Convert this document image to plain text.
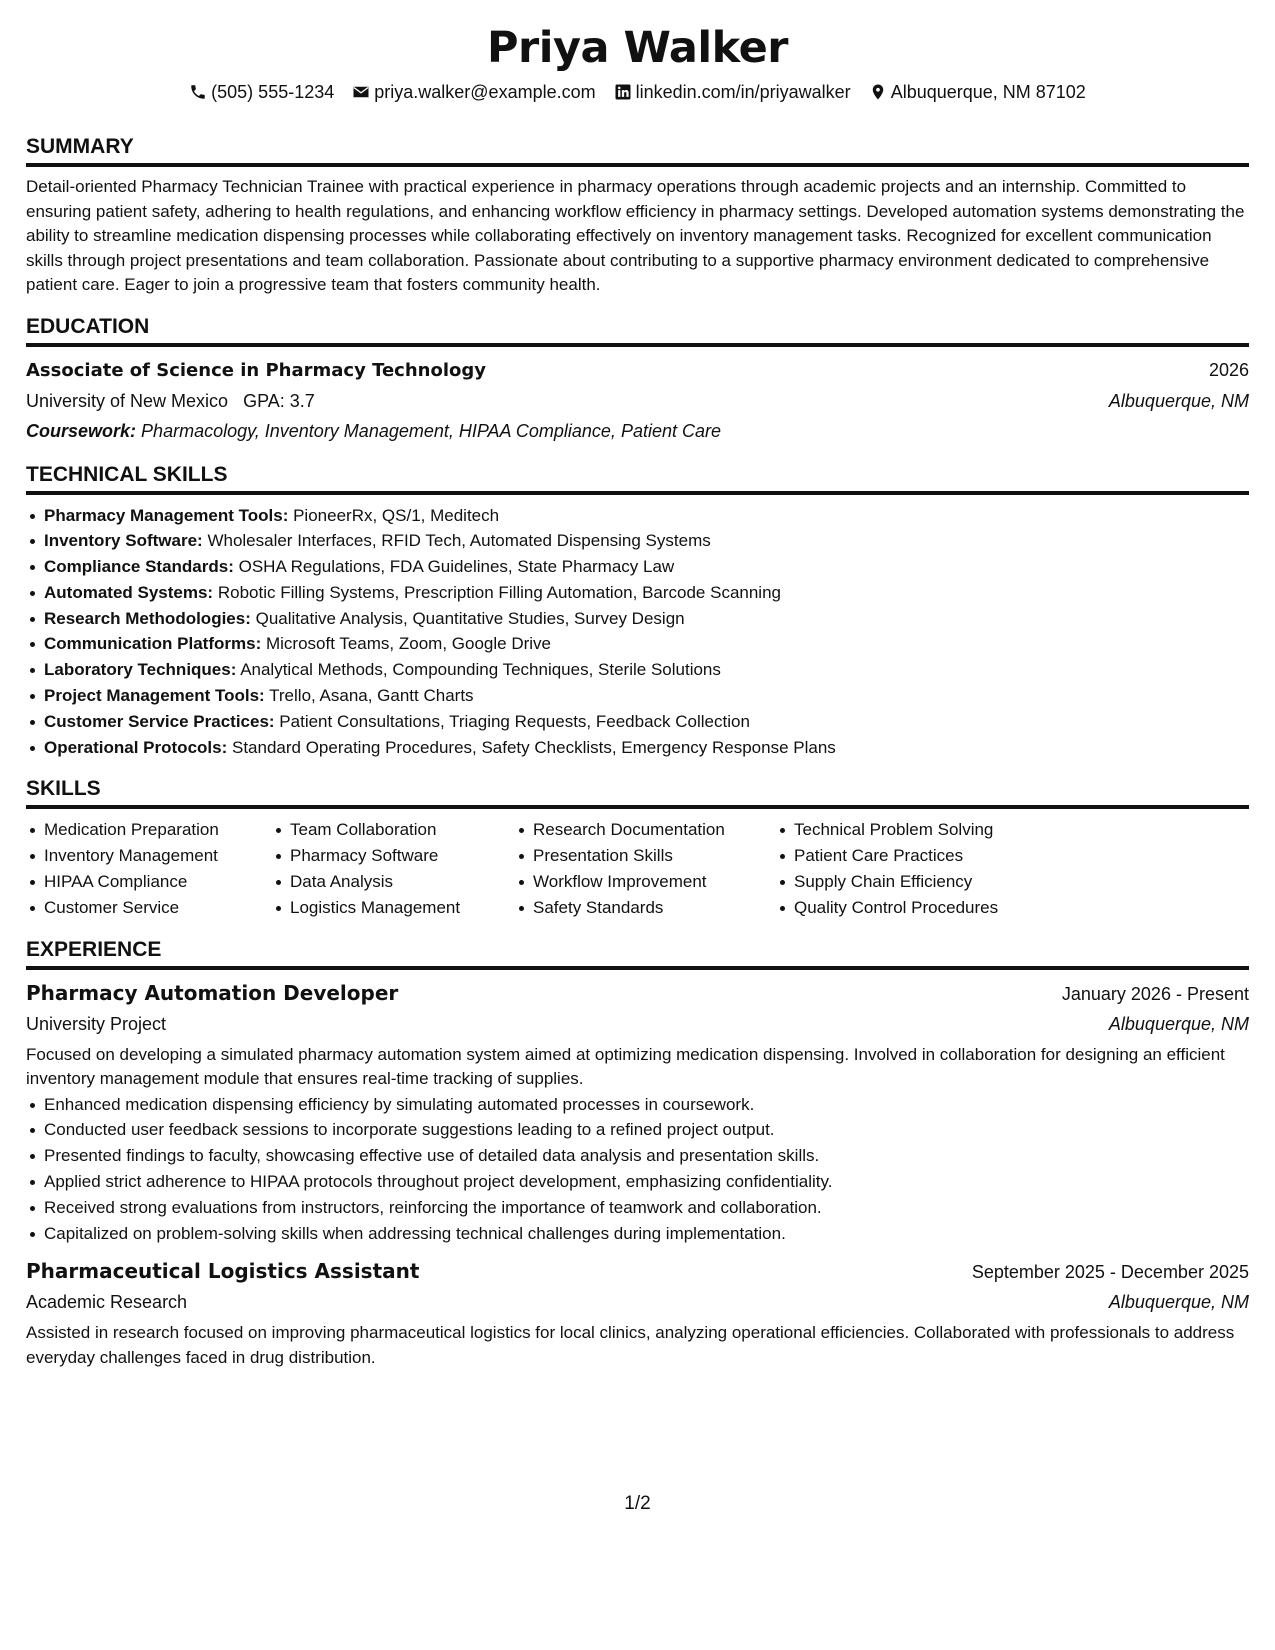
Priya Walker
(505) 555-1234 priya.walker@example.com linkedin.com/in/priyawalker Albuquerque, NM 87102
SUMMARY

Detail-oriented Pharmacy Technician Trainee with practical experience in pharmacy operations through academic projects and an internship. Committed to ensuring patient safety, adhering to health regulations, and enhancing workflow efficiency in pharmacy settings. Developed automation systems demonstrating the ability to streamline medication dispensing processes while collaborating effectively on inventory management tasks. Recognized for excellent communication skills through project presentations and team collaboration. Passionate about contributing to a supportive pharmacy environment dedicated to comprehensive patient care. Eager to join a progressive team that fosters community health.

EDUCATION
Associate of Science in Pharmacy Technology	2026
University of New Mexico GPA: 3.7	Albuquerque, NM
Coursework: Pharmacology, Inventory Management, HIPAA Compliance, Patient Care
TECHNICAL SKILLS
Pharmacy Management Tools: PioneerRx, QS/1, Meditech
Inventory Software: Wholesaler Interfaces, RFID Tech, Automated Dispensing Systems
Compliance Standards: OSHA Regulations, FDA Guidelines, State Pharmacy Law
Automated Systems: Robotic Filling Systems, Prescription Filling Automation, Barcode Scanning
Research Methodologies: Qualitative Analysis, Quantitative Studies, Survey Design
Communication Platforms: Microsoft Teams, Zoom, Google Drive
Laboratory Techniques: Analytical Methods, Compounding Techniques, Sterile Solutions
Project Management Tools: Trello, Asana, Gantt Charts
Customer Service Practices: Patient Consultations, Triaging Requests, Feedback Collection
Operational Protocols: Standard Operating Procedures, Safety Checklists, Emergency Response Plans
SKILLS
Medication Preparation
Inventory Management
HIPAA Compliance
Customer Service
Team Collaboration
Pharmacy Software
Data Analysis
Logistics Management
Research Documentation
Presentation Skills
Workflow Improvement
Safety Standards
Technical Problem Solving
Patient Care Practices
Supply Chain Efficiency
Quality Control Procedures
EXPERIENCE
Pharmacy Automation Developer	January 2026 - Present
University Project	Albuquerque, NM

Focused on developing a simulated pharmacy automation system aimed at optimizing medication dispensing. Involved in collaboration for designing an efficient inventory management module that ensures real-time tracking of supplies.

Enhanced medication dispensing efficiency by simulating automated processes in coursework.
Conducted user feedback sessions to incorporate suggestions leading to a refined project output.
Presented findings to faculty, showcasing effective use of detailed data analysis and presentation skills.
Applied strict adherence to HIPAA protocols throughout project development, emphasizing confidentiality.
Received strong evaluations from instructors, reinforcing the importance of teamwork and collaboration.
Capitalized on problem-solving skills when addressing technical challenges during implementation.
Pharmaceutical Logistics Assistant	September 2025 - December 2025
Academic Research	Albuquerque, NM

Assisted in research focused on improving pharmaceutical logistics for local clinics, analyzing operational efficiencies. Collaborated with professionals to address everyday challenges faced in drug distribution.

1/2
